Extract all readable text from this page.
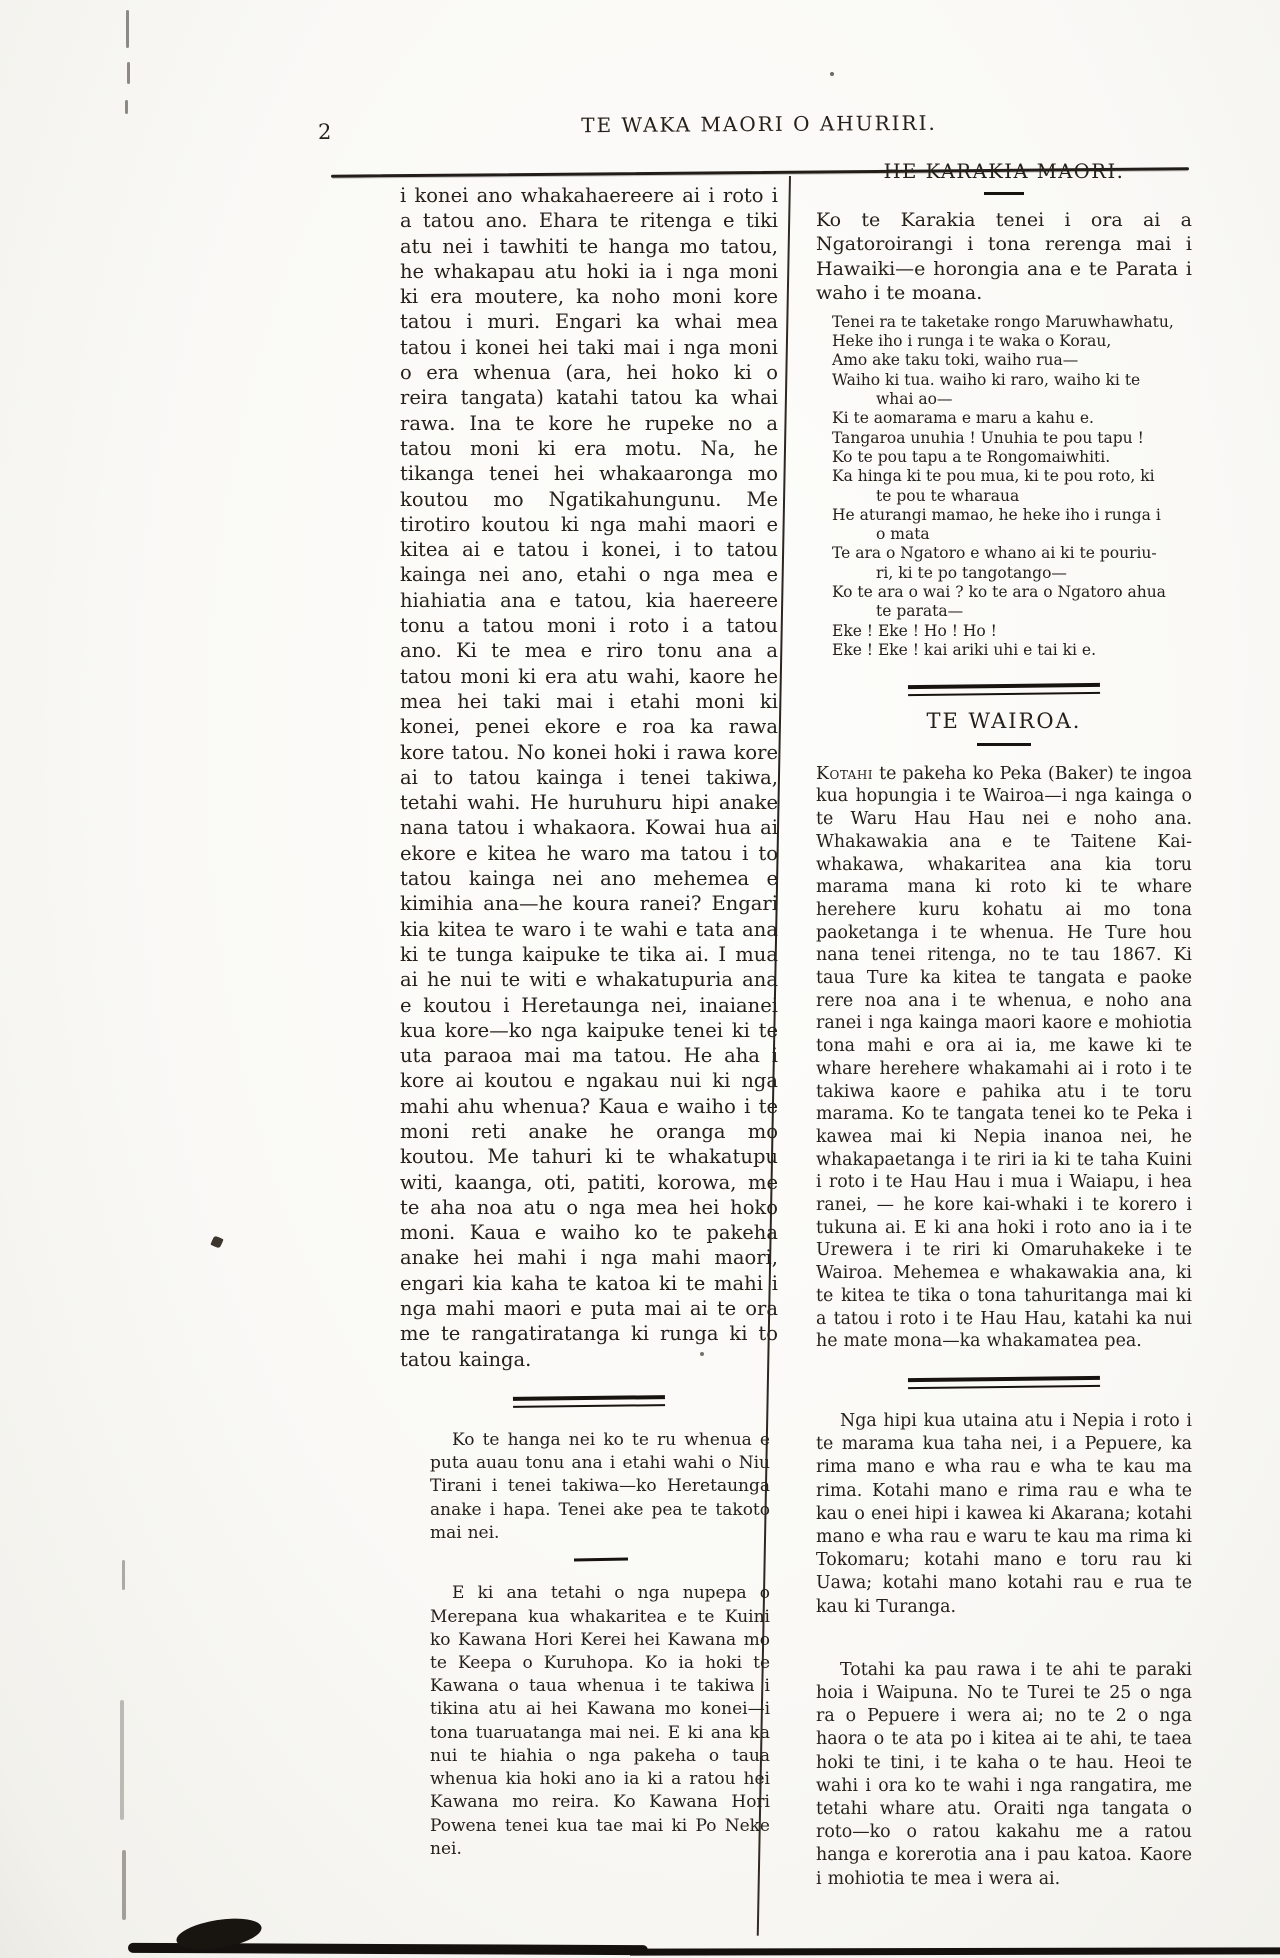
2	TE WAKA MAORI O AHURIRI.

i konei ano whakahaereere ai i roto i a tatou ano. Ehara te ritenga e tiki atu nei i tawhiti te hanga mo tatou, he whakapau atu hoki ia i nga moni ki era moutere, ka noho moni kore tatou i muri. Engari ka whai mea tatou i konei hei taki mai i nga moni o era whenua (ara, hei hoko ki o reira tangata) katahi tatou ka whai rawa. Ina te kore he rupeke no a tatou moni ki era motu. Na, he tikanga tenei hei whakaaronga mo koutou mo Ngatikahungunu. Me tirotiro koutou ki nga mahi maori e kitea ai e tatou i konei, i to tatou kainga nei ano, etahi o nga mea e hiahiatia ana e tatou, kia haereere tonu a tatou moni i roto i a tatou ano. Ki te mea e riro tonu ana a tatou moni ki era atu wahi, kaore he mea hei taki mai i etahi moni ki konei, penei ekore e roa ka rawa kore tatou. No konei hoki i rawa kore ai to tatou kainga i tenei takiwa, tetahi wahi. He huruhuru hipi anake nana tatou i whakaora. Kowai hua ai ekore e kitea he waro ma tatou i to tatou kainga nei ano mehemea e kimihia ana—he koura ranei? Engari kia kitea te waro i te wahi e tata ana ki te tunga kaipuke te tika ai. I mua ai he nui te witi e whakatupuria ana e koutou i Heretaunga nei, inaianei kua kore—ko nga kaipuke tenei ki te uta paraoa mai ma tatou. He aha i kore ai koutou e ngakau nui ki nga mahi ahu whenua? Kaua e waiho i te moni reti anake he oranga mo koutou. Me tahuri ki te whakatupu witi, kaanga, oti, patiti, korowa, me te aha noa atu o nga mea hei hoko moni. Kaua e waiho ko te pakeha anake hei mahi i nga mahi maori, engari kia kaha te katoa ki te mahi i nga mahi maori e puta mai ai te ora me te rangatiratanga ki runga ki to tatou kainga.

Ko te hanga nei ko te ru whenua e puta auau tonu ana i etahi wahi o Niu Tirani i tenei takiwa—ko Heretaunga anake i hapa. Tenei ake pea te takoto mai nei.

E ki ana tetahi o nga nupepa o Merepana kua whakaritea e te Kuini ko Kawana Hori Kerei hei Kawana mo te Keepa o Kuruhopa. Ko ia hoki te Kawana o taua whenua i te takiwa i tikina atu ai hei Kawana mo konei—i tona tuaruatanga mai nei. E ki ana ka nui te hiahia o nga pakeha o taua whenua kia hoki ano ia ki a ratou hei Kawana mo reira. Ko Kawana Hori Powena tenei kua tae mai ki Po Neke nei.

HE KARAKIA MAORI.

Ko te Karakia tenei i ora ai a Ngatoroirangi i tona rerenga mai i Hawaiki—e horongia ana e te Parata i waho i te moana.

Tenei ra te taketake rongo Maruwhawhatu,
Heke iho i runga i te waka o Korau,
Amo ake taku toki, waiho rua—
Waiho ki tua. waiho ki raro, waiho ki te
whai ao—
Ki te aomarama e maru a kahu e.
Tangaroa unuhia ! Unuhia te pou tapu !
Ko te pou tapu a te Rongomaiwhiti.
Ka hinga ki te pou mua, ki te pou roto, ki
te pou te wharaua
He aturangi mamao, he heke iho i runga i
o mata
Te ara o Ngatoro e whano ai ki te pouriu-
ri, ki te po tangotango—
Ko te ara o wai ? ko te ara o Ngatoro ahua
te parata—
Eke ! Eke ! Ho ! Ho !
Eke ! Eke ! kai ariki uhi e tai ki e.
TE WAIROA.

Kotahi te pakeha ko Peka (Baker) te ingoa kua hopungia i te Wairoa—i nga kainga o te Waru Hau Hau nei e noho ana. Whakawakia ana e te Taitene Kai-whakawa, whakaritea ana kia toru marama mana ki roto ki te whare herehere kuru kohatu ai mo tona paoketanga i te whenua. He Ture hou nana tenei ritenga, no te tau 1867. Ki taua Ture ka kitea te tangata e paoke rere noa ana i te whenua, e noho ana ranei i nga kainga maori kaore e mohiotia tona mahi e ora ai ia, me kawe ki te whare herehere whakamahi ai i roto i te takiwa kaore e pahika atu i te toru marama. Ko te tangata tenei ko te Peka i kawea mai ki Nepia inanoa nei, he whakapaetanga i te riri ia ki te taha Kuini i roto i te Hau Hau i mua i Waiapu, i hea ranei, — he kore kai-whaki i te korero i tukuna ai. E ki ana hoki i roto ano ia i te Urewera i te riri ki Omaruhakeke i te Wairoa. Mehemea e whakawakia ana, ki te kitea te tika o tona tahuritanga mai ki a tatou i roto i te Hau Hau, katahi ka nui he mate mona—ka whakamatea pea.

Nga hipi kua utaina atu i Nepia i roto i te marama kua taha nei, i a Pepuere, ka rima mano e wha rau e wha te kau ma rima. Kotahi mano e rima rau e wha te kau o enei hipi i kawea ki Akarana; kotahi mano e wha rau e waru te kau ma rima ki Tokomaru; kotahi mano e toru rau ki Uawa; kotahi mano kotahi rau e rua te kau ki Turanga.

Totahi ka pau rawa i te ahi te paraki hoia i Waipuna. No te Turei te 25 o nga ra o Pepuere i wera ai; no te 2 o nga haora o te ata po i kitea ai te ahi, te taea hoki te tini, i te kaha o te hau. Heoi te wahi i ora ko te wahi i nga rangatira, me tetahi whare atu. Oraiti nga tangata o roto—ko o ratou kakahu me a ratou hanga e korerotia ana i pau katoa. Kaore i mohiotia te mea i wera ai.
